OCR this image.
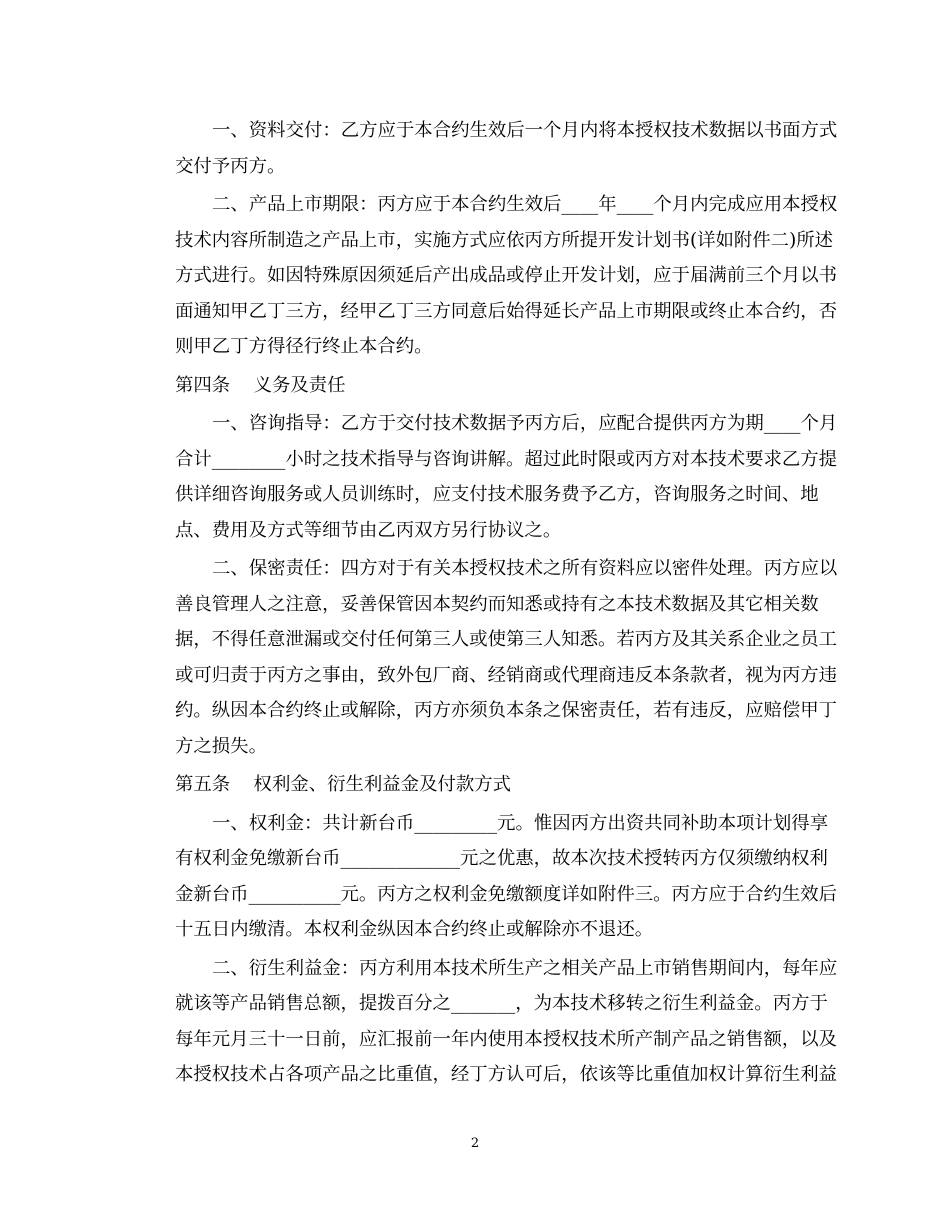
一、资料交付：乙方应于本合约生效后一个月内将本授权技术数据以书面方式
交付予丙方。
二、产品上市期限：丙方应于本合约生效后____年____个月内完成应用本授权
技术内容所制造之产品上市，实施方式应依丙方所提开发计划书(详如附件二)所述
方式进行。如因特殊原因须延后产出成品或停止开发计划，应于届满前三个月以书
面通知甲乙丁三方，经甲乙丁三方同意后始得延长产品上市期限或终止本合约，否
则甲乙丁方得径行终止本合约。
第四条    义务及责任
一、咨询指导：乙方于交付技术数据予丙方后，应配合提供丙方为期____个月
合计________小时之技术指导与咨询讲解。超过此时限或丙方对本技术要求乙方提
供详细咨询服务或人员训练时，应支付技术服务费予乙方，咨询服务之时间、地
点、费用及方式等细节由乙丙双方另行协议之。
二、保密责任：四方对于有关本授权技术之所有资料应以密件处理。丙方应以
善良管理人之注意，妥善保管因本契约而知悉或持有之本技术数据及其它相关数
据，不得任意泄漏或交付任何第三人或使第三人知悉。若丙方及其关系企业之员工
或可归责于丙方之事由，致外包厂商、经销商或代理商违反本条款者，视为丙方违
约。纵因本合约终止或解除，丙方亦须负本条之保密责任，若有违反，应赔偿甲丁
方之损失。
第五条    权利金、衍生利益金及付款方式
一、权利金：共计新台币_________元。惟因丙方出资共同补助本项计划得享
有权利金免缴新台币_____________元之优惠，故本次技术授转丙方仅须缴纳权利
金新台币__________元。丙方之权利金免缴额度详如附件三。丙方应于合约生效后
十五日内缴清。本权利金纵因本合约终止或解除亦不退还。
二、衍生利益金：丙方利用本技术所生产之相关产品上市销售期间内，每年应
就该等产品销售总额，提拨百分之_______，为本技术移转之衍生利益金。丙方于
每年元月三十一日前，应汇报前一年内使用本授权技术所产制产品之销售额，以及
本授权技术占各项产品之比重值，经丁方认可后，依该等比重值加权计算衍生利益
2
